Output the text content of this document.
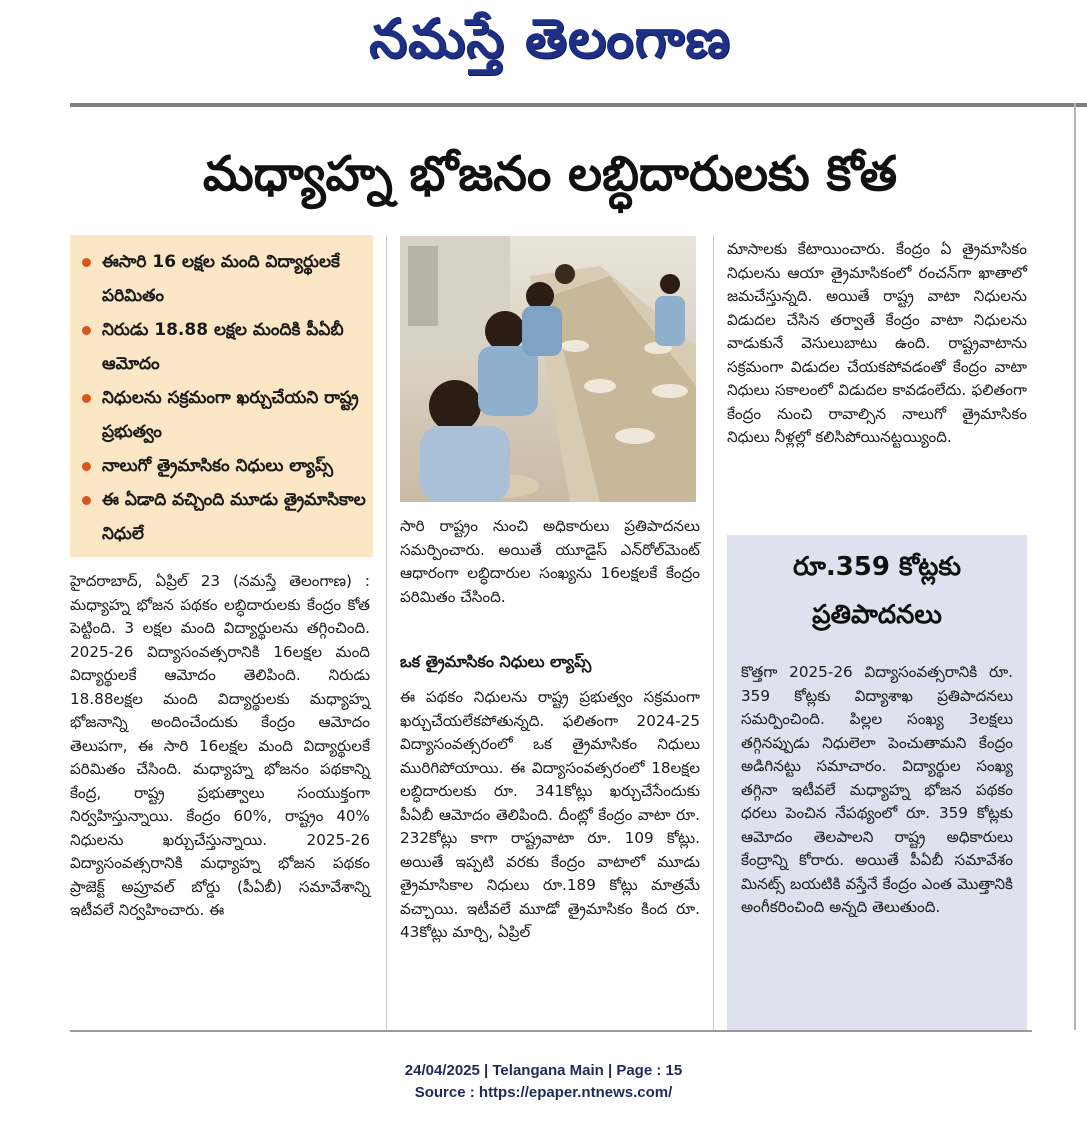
నమస్తే తెలంగాణ
మధ్యాహ్న భోజనం లబ్ధిదారులకు కోత
ఈసారి 16 లక్షల మంది విద్యార్థులకే పరిమితం
నిరుడు 18.88 లక్షల మందికి పీఏబీ ఆమోదం
నిధులను సక్రమంగా ఖర్చుచేయని రాష్ట్ర ప్రభుత్వం
నాలుగో త్రైమాసికం నిధులు ల్యాప్స్
ఈ ఏడాది వచ్చింది మూడు త్రైమాసికాల నిధులే
హైదరాబాద్, ఏప్రిల్ 23 (నమస్తే తెలంగాణ) : మధ్యాహ్న భోజన పథకం లబ్ధిదారులకు కేంద్రం కోత పెట్టింది. 3 లక్షల మంది విద్యార్థులను తగ్గించింది. 2025-26 విద్యాసంవత్సరానికి 16లక్షల మంది విద్యార్థులకే ఆమోదం తెలిపింది. నిరుడు 18.88లక్షల మంది విద్యార్థులకు మధ్యాహ్న భోజనాన్ని అందించేందుకు కేంద్రం ఆమోదం తెలుపగా, ఈ సారి 16లక్షల మంది విద్యార్థులకే పరిమితం చేసింది. మధ్యాహ్న భోజనం పథకాన్ని కేంద్ర, రాష్ట్ర ప్రభుత్వాలు సంయుక్తంగా నిర్వహిస్తున్నాయి. కేంద్రం 60%, రాష్ట్రం 40% నిధులను ఖర్చుచేస్తున్నాయి. 2025-26 విద్యాసంవత్సరానికి మధ్యాహ్న భోజన పథకం ప్రాజెక్ట్ అప్రూవల్ బోర్డు (పీఏబీ) సమావేశాన్ని ఇటీవలే నిర్వహించారు. ఈ
సారి రాష్ట్రం నుంచి అధికారులు ప్రతిపాదనలు సమర్పించారు. అయితే యూడైస్ ఎన్‌రోల్‌మెంట్ ఆధారంగా లబ్ధిదారుల సంఖ్యను 16లక్షలకే కేంద్రం పరిమితం చేసింది.
ఒక త్రైమాసికం నిధులు ల్యాప్స్
ఈ పథకం నిధులను రాష్ట్ర ప్రభుత్వం సక్రమంగా ఖర్చుచేయలేకపోతున్నది. ఫలితంగా 2024-25 విద్యాసంవత్సరంలో ఒక త్రైమాసికం నిధులు మురిగిపోయాయి. ఈ విద్యాసంవత్సరంలో 18లక్షల లబ్ధిదారులకు రూ. 341కోట్లు ఖర్చుచేసేందుకు పీఏబీ ఆమోదం తెలిపింది. దీంట్లో కేంద్రం వాటా రూ. 232కోట్లు కాగా రాష్ట్రవాటా రూ. 109 కోట్లు. అయితే ఇప్పటి వరకు కేంద్రం వాటాలో మూడు త్రైమాసికాల నిధులు రూ.189 కోట్లు మాత్రమే వచ్చాయి. ఇటీవలే మూడో త్రైమాసికం కింద రూ. 43కోట్లు మార్చి, ఏప్రిల్
మాసాలకు కేటాయించారు. కేంద్రం ఏ త్రైమాసికం నిధులను ఆయా త్రైమాసికంలో రంచన్‌గా ఖాతాలో జమచేస్తున్నది. అయితే రాష్ట్ర వాటా నిధులను విడుదల చేసిన తర్వాతే కేంద్రం వాటా నిధులను వాడుకునే వెసులుబాటు ఉంది. రాష్ట్రవాటాను సక్రమంగా విడుదల చేయకపోవడంతో కేంద్రం వాటా నిధులు సకాలంలో విడుదల కావడంలేదు. ఫలితంగా కేంద్రం నుంచి రావాల్సిన నాలుగో త్రైమాసికం నిధులు నీళ్లల్లో కలిసిపోయినట్టయ్యింది.
రూ.359 కోట్లకు ప్రతిపాదనలు
కొత్తగా 2025-26 విద్యాసంవత్సరానికి రూ. 359 కోట్లకు విద్యాశాఖ ప్రతిపాదనలు సమర్పించింది. పిల్లల సంఖ్య 3లక్షలు తగ్గినప్పుడు నిధులెలా పెంచుతామని కేంద్రం అడిగినట్టు సమాచారం. విద్యార్థుల సంఖ్య తగ్గినా ఇటీవలే మధ్యాహ్న భోజన పథకం ధరలు పెంచిన నేపథ్యంలో రూ. 359 కోట్లకు ఆమోదం తెలపాలని రాష్ట్ర అధికారులు కేంద్రాన్ని కోరారు. అయితే పీఏబీ సమావేశం మినట్స్ బయటికి వస్తేనే కేంద్రం ఎంత మొత్తానికి అంగీకరించింది అన్నది తెలుతుంది.
24/04/2025 | Telangana Main | Page : 15
Source : https://epaper.ntnews.com/
